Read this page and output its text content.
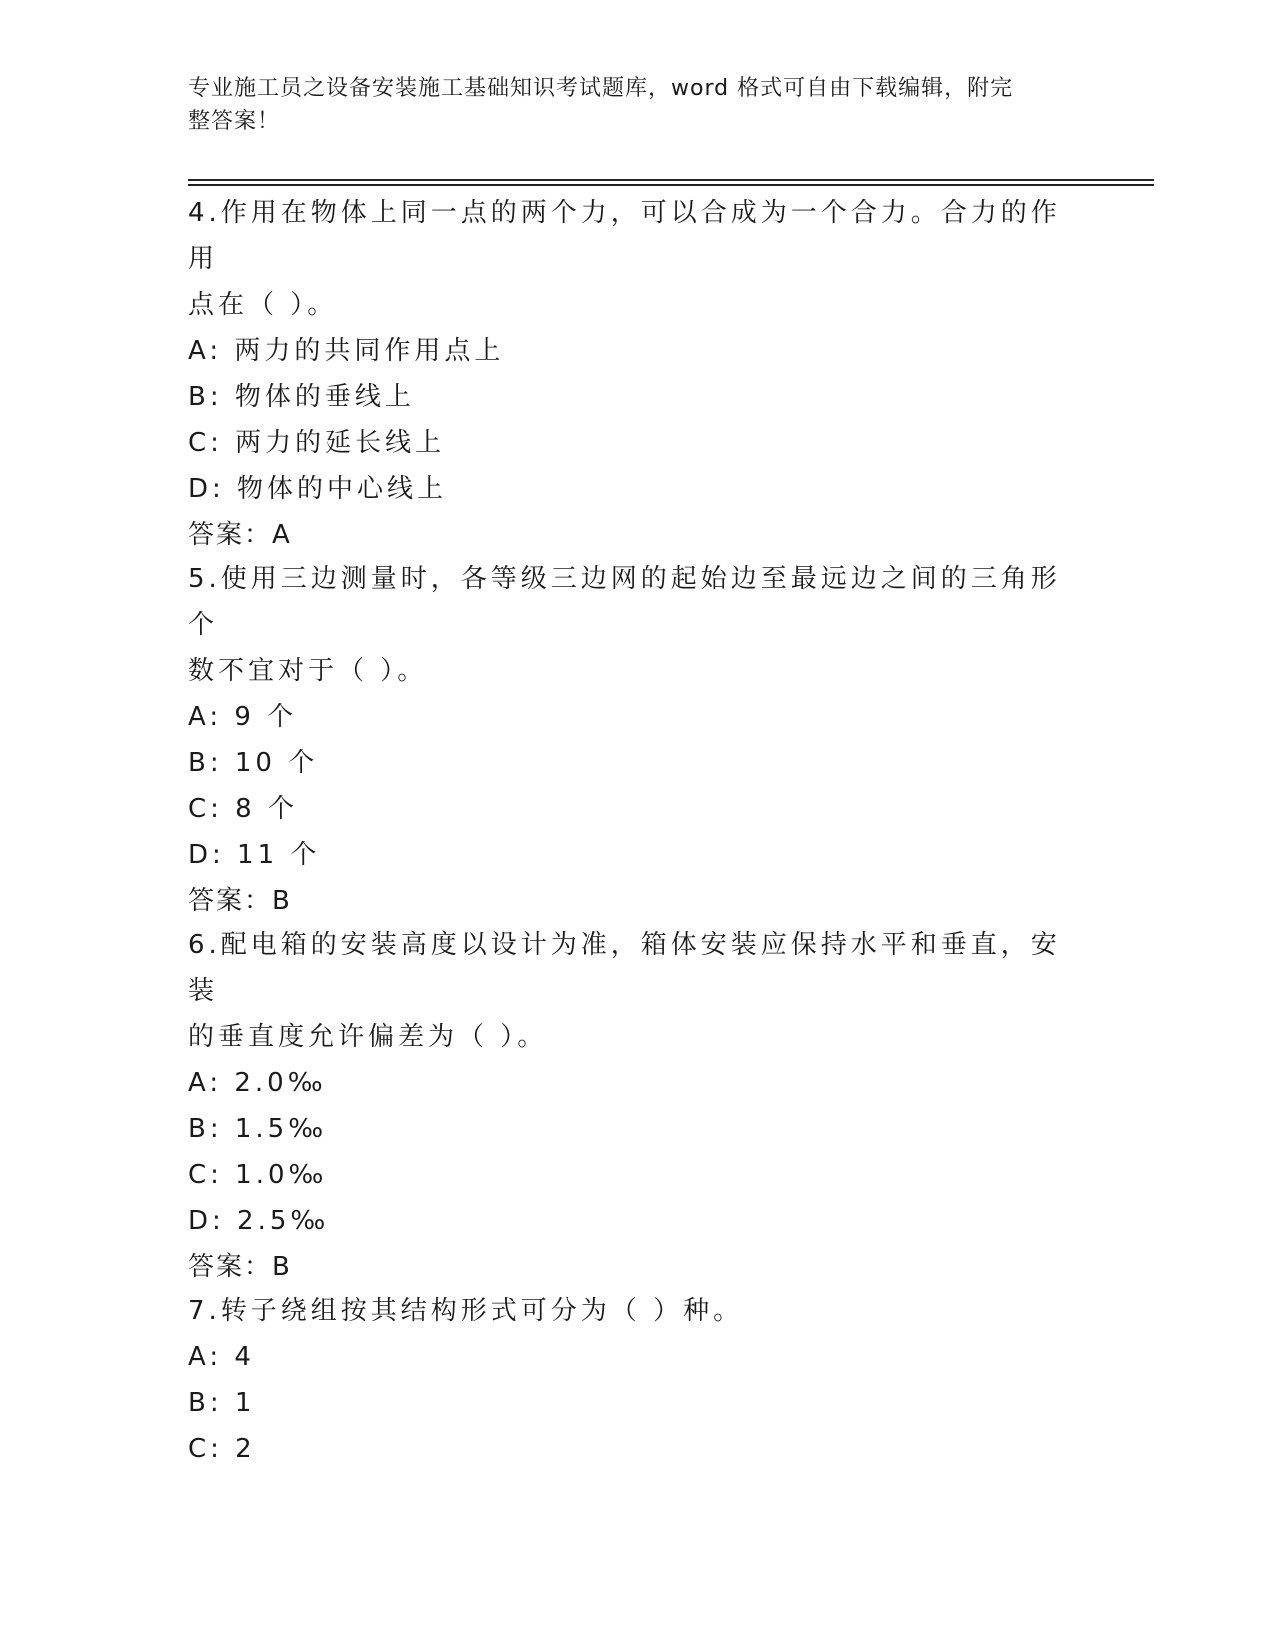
专业施工员之设备安装施工基础知识考试题库，word 格式可自由下载编辑，附完
整答案！

4.作用在物体上同一点的两个力，可以合成为一个合力。合力的作用

点在（ ）。

A: 两力的共同作用点上

B: 物体的垂线上

C: 两力的延长线上

D: 物体的中心线上

答案：A

5.使用三边测量时，各等级三边网的起始边至最远边之间的三角形个

数不宜对于（ ）。

A: 9 个

B: 10 个

C: 8 个

D: 11 个

答案：B

6.配电箱的安装高度以设计为准，箱体安装应保持水平和垂直，安装

的垂直度允许偏差为（ ）。

A: 2.0‰

B: 1.5‰

C: 1.0‰

D: 2.5‰

答案：B

7.转子绕组按其结构形式可分为（ ）种。

A: 4

B: 1

C: 2
